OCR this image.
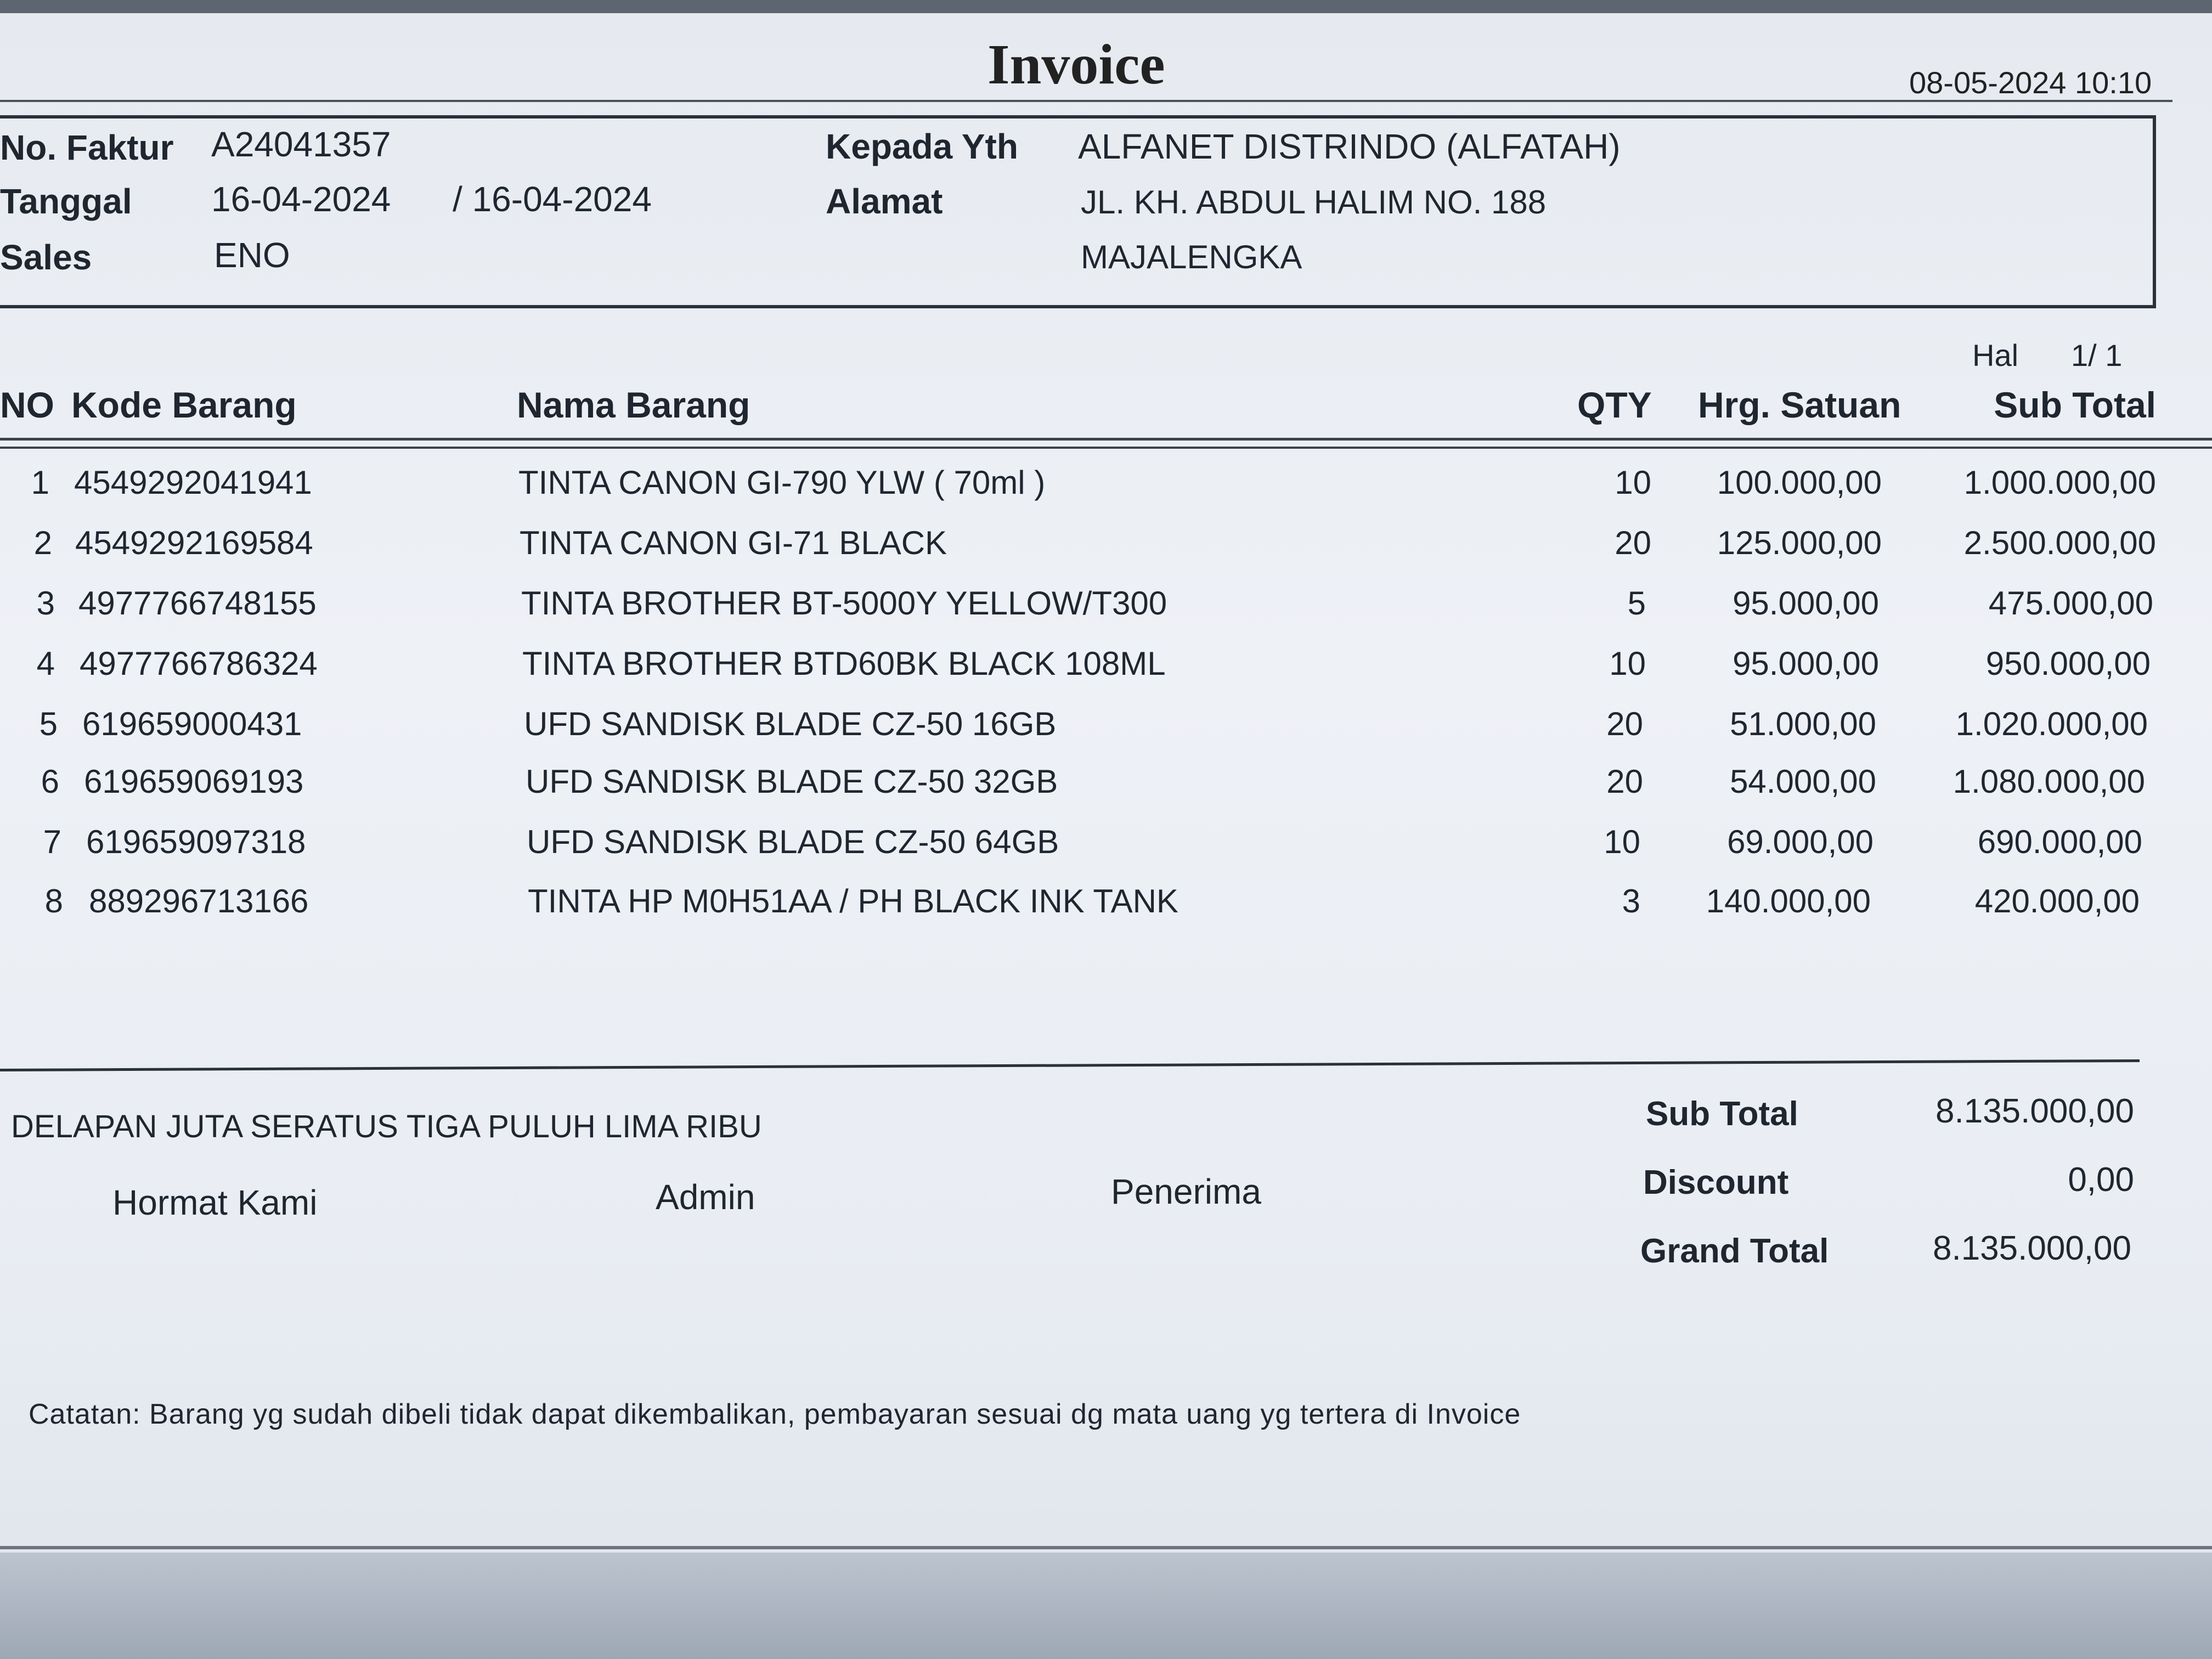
Invoice	08-05-2024 10:10
No. Faktur A24041357
Tanggal 16-04-2024 / 16-04-2024
Sales	ENO
Kepada Yth ALFANET DISTRINDO (ALFATAH)
Alamat	JL. KH. ABDUL HALIM NO. 188
MAJALENGKA
Hal 1/ 1
NO Kode Barang	Nama Barang	QTY Hrg. Satuan	Sub Total
1 4549292041941	TINTA CANON GI-790 YLW ( 70ml )	10	100.000,00	1.000.000,00
2 4549292169584	TINTA CANON GI-71 BLACK	20	125.000,00	2.500.000,00
3 4977766748155	TINTA BROTHER BT-5000Y YELLOW/T300	5	95.000,00	475.000,00
4 4977766786324	TINTA BROTHER BTD60BK BLACK 108ML	10	95.000,00	950.000,00
5 619659000431	UFD SANDISK BLADE CZ-50 16GB	20	51.000,00	1.020.000,00
6 619659069193	UFD SANDISK BLADE CZ-50 32GB	20	54.000,00	1.080.000,00
7 619659097318	UFD SANDISK BLADE CZ-50 64GB	10	69.000,00	690.000,00
8 889296713166	TINTA HP M0H51AA / PH BLACK INK TANK	3	140.000,00	420.000,00
DELAPAN JUTA SERATUS TIGA PULUH LIMA RIBU
Hormat Kami	Admin	Penerima
Sub Total	8.135.000,00
Discount	0,00
Grand Total	8.135.000,00
Catatan: Barang yg sudah dibeli tidak dapat dikembalikan, pembayaran sesuai dg mata uang yg tertera di Invoice
